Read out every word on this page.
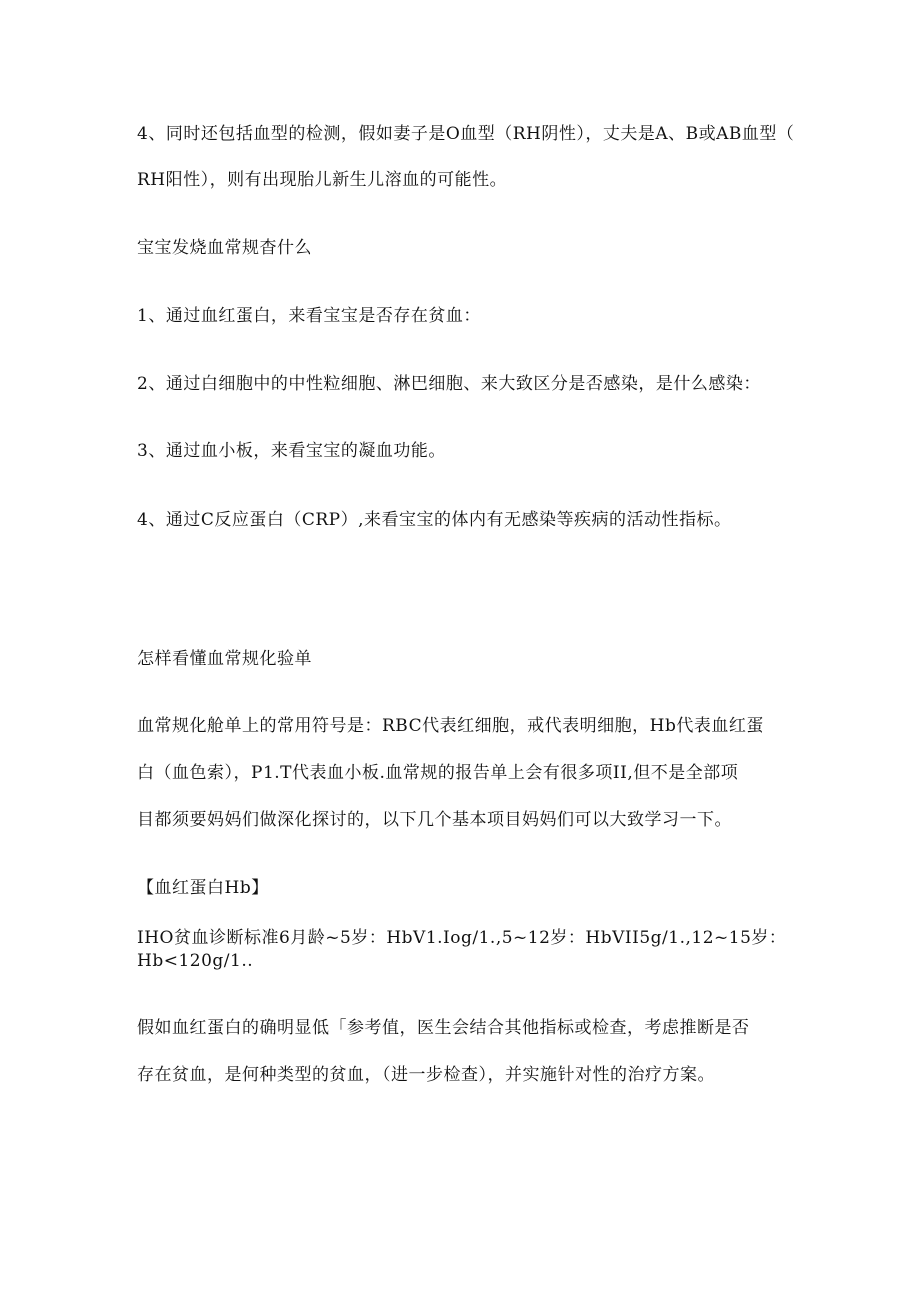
4、同时还包括血型的检测，假如妻子是O血型（RH阴性），丈夫是A、B或AB血型（
RH阳性），则有出现胎儿新生儿溶血的可能性。
宝宝发烧血常规杳什么
1、通过血红蛋白，来看宝宝是否存在贫血：
2、通过白细胞中的中性粒细胞、淋巴细胞、来大致区分是否感染，是什么感染：
3、通过血小板，来看宝宝的凝血功能。
4、通过C反应蛋白（CRP）,来看宝宝的体内有无感染等疾病的活动性指标。
怎样看懂血常规化验单
血常规化舱单上的常用符号是：RBC代表红细胞，戒代表明细胞，Hb代表血红蛋
白（血色索），P1.T代表血小板.血常规的报告单上会有很多项II,但不是全部项
目都须要妈妈们做深化探讨的，以下几个基本项目妈妈们可以大致学习一下。
【血红蛋白Hb】
IHO贫血诊断标准6月龄~5岁：HbV1.Iog/1.,5~12岁：HbVII5g/1.,12~15岁：
Hb<120g/1..
假如血红蛋白的确明显低「参考值，医生会结合其他指标或检查，考虑推断是否
存在贫血，是何种类型的贫血，（进一步检查），并实施针对性的治疗方案。
